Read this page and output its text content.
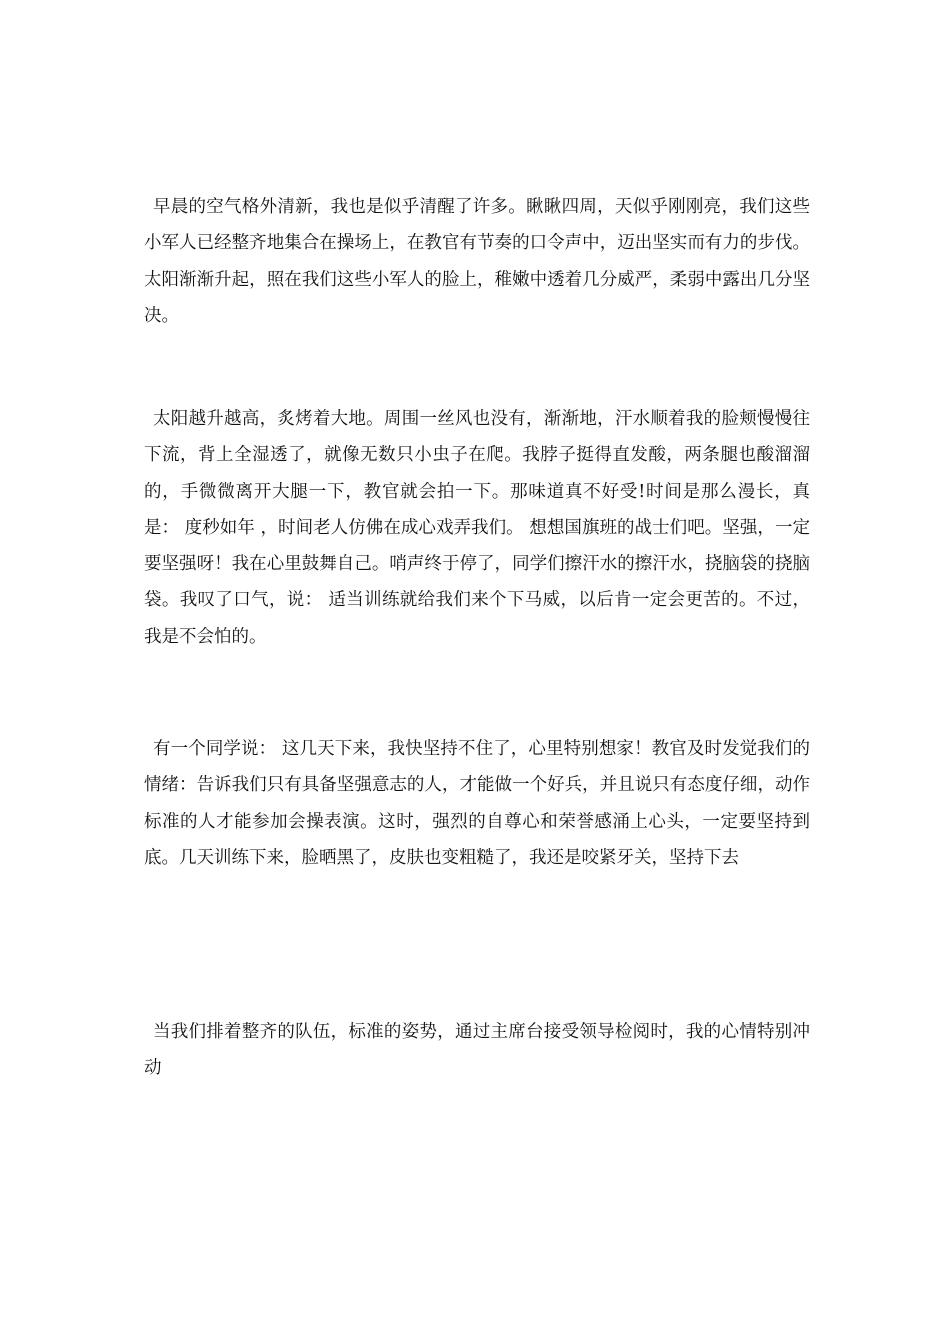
早晨的空气格外清新，我也是似乎清醒了许多。瞅瞅四周，天似乎刚刚亮，我们这些小军人已经整齐地集合在操场上，在教官有节奏的口令声中，迈出坚实而有力的步伐。太阳渐渐升起，照在我们这些小军人的脸上，稚嫩中透着几分威严，柔弱中露出几分坚决。

太阳越升越高，炙烤着大地。周围一丝风也没有，渐渐地，汗水顺着我的脸颊慢慢往下流，背上全湿透了，就像无数只小虫子在爬。我脖子挺得直发酸，两条腿也酸溜溜的，手微微离开大腿一下，教官就会拍一下。那味道真不好受!时间是那么漫长，真是： 度秒如年 ，时间老人仿佛在成心戏弄我们。 想想国旗班的战士们吧。坚强，一定要坚强呀！我在心里鼓舞自己。哨声终于停了，同学们擦汗水的擦汗水，挠脑袋的挠脑袋。我叹了口气，说： 适当训练就给我们来个下马威，以后肯一定会更苦的。不过，我是不会怕的。

有一个同学说： 这几天下来，我快坚持不住了，心里特别想家！教官及时发觉我们的情绪：告诉我们只有具备坚强意志的人，才能做一个好兵，并且说只有态度仔细，动作标准的人才能参加会操表演。这时，强烈的自尊心和荣誉感涌上心头，一定要坚持到底。几天训练下来，脸晒黑了，皮肤也变粗糙了，我还是咬紧牙关，坚持下去

当我们排着整齐的队伍，标准的姿势，通过主席台接受领导检阅时，我的心情特别冲动
